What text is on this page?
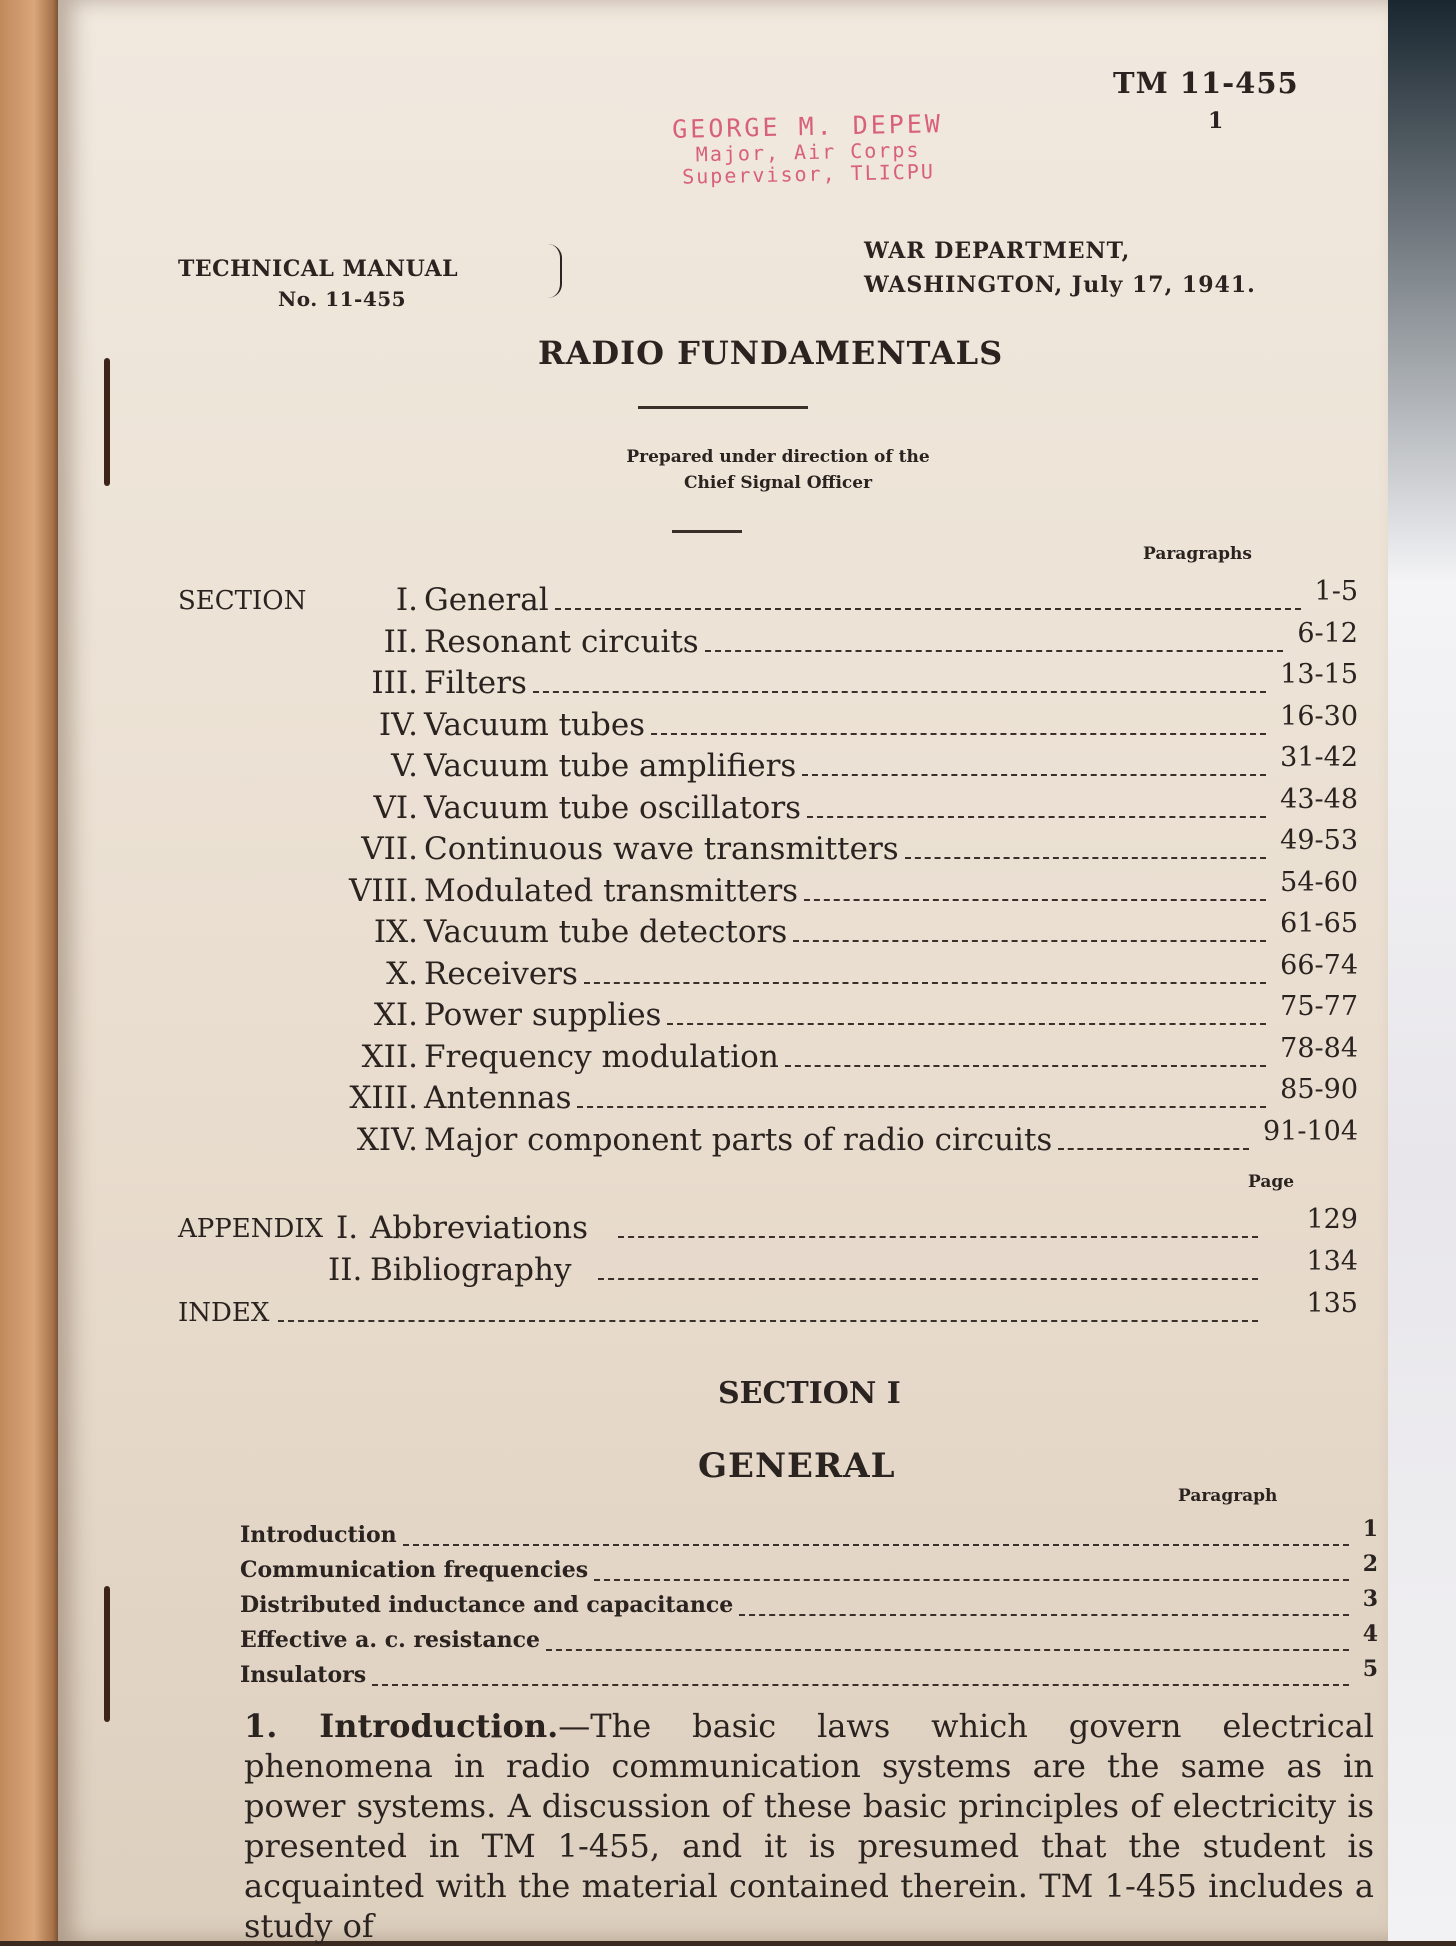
TM 11-455
1
GEORGE M. DEPEW
Major, Air Corps
Supervisor, TLICPU
TECHNICAL MANUAL
No. 11-455
WAR DEPARTMENT,
WASHINGTON, July 17, 1941.
RADIO FUNDAMENTALS
Prepared under direction of the
Chief Signal Officer
Paragraphs
SECTION	I. General	1-5
II. Resonant circuits	6-12
III. Filters	13-15
IV. Vacuum tubes	16-30
V. Vacuum tube amplifiers	31-42
VI. Vacuum tube oscillators	43-48
VII. Continuous wave transmitters	49-53
VIII. Modulated transmitters	54-60
IX. Vacuum tube detectors	61-65
X. Receivers	66-74
XI. Power supplies	75-77
XII. Frequency modulation	78-84
XIII. Antennas	85-90
XIV. Major component parts of radio circuits	91-104
Page
APPENDIX I. Abbreviations	129
II. Bibliography	134
INDEX	135
SECTION I
GENERAL
Paragraph
Introduction	1
Communication frequencies	2
Distributed inductance and capacitance	3
Effective a. c. resistance	4
Insulators	5
1. Introduction.—The basic laws which govern electrical phenomena in radio communication systems are the same as in power systems. A discussion of these basic principles of electricity is presented in TM 1-455, and it is presumed that the student is acquainted with the material contained therein. TM 1-455 includes a study of
